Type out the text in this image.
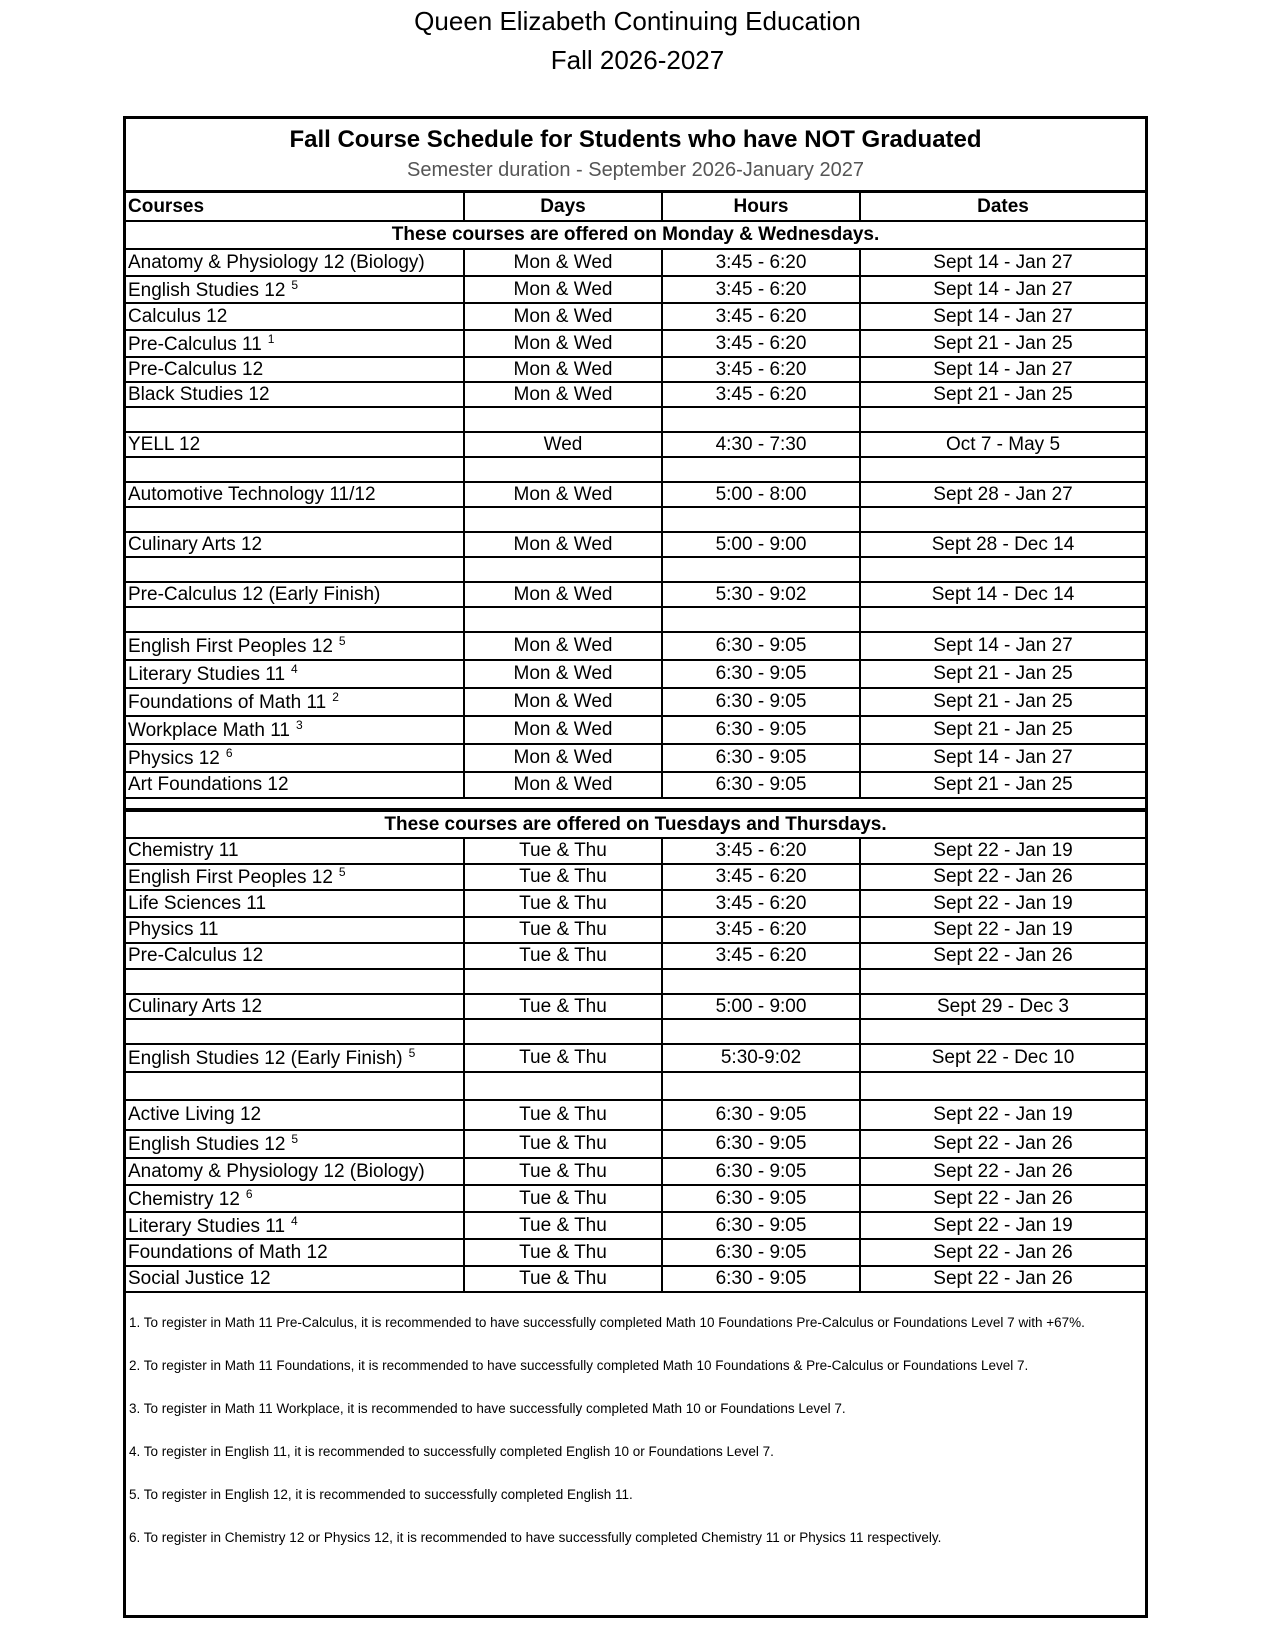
Queen Elizabeth Continuing Education
Fall 2026-2027
Fall Course Schedule for Students who have NOT Graduated
Semester duration - September 2026-January 2027
Courses	Days	Hours	Dates
These courses are offered on Monday & Wednesdays.			
Anatomy & Physiology 12 (Biology)	Mon & Wed	3:45 - 6:20	Sept 14 - Jan 27
English Studies 12 $^5$	Mon & Wed	3:45 - 6:20	Sept 14 - Jan 27
Calculus 12	Mon & Wed	3:45 - 6:20	Sept 14 - Jan 27
Pre-Calculus 11 $^1$	Mon & Wed	3:45 - 6:20	Sept 21 - Jan 25
Pre-Calculus 12	Mon & Wed	3:45 - 6:20	Sept 14 - Jan 27
Black Studies 12	Mon & Wed	3:45 - 6:20	Sept 21 - Jan 25

YELL 12	Wed	4:30 - 7:30	Oct 7 - May 5

Automotive Technology 11/12	Mon & Wed	5:00 - 8:00	Sept 28 - Jan 27

Culinary Arts 12	Mon & Wed	5:00 - 9:00	Sept 28 - Dec 14

Pre-Calculus 12 (Early Finish)	Mon & Wed	5:30 - 9:02	Sept 14 - Dec 14

English First Peoples 12 $^5$	Mon & Wed	6:30 - 9:05	Sept 14 - Jan 27
Literary Studies 11 $^4$	Mon & Wed	6:30 - 9:05	Sept 21 - Jan 25
Foundations of Math 11 $^2$	Mon & Wed	6:30 - 9:05	Sept 21 - Jan 25
Workplace Math 11 $^3$	Mon & Wed	6:30 - 9:05	Sept 21 - Jan 25
Physics 12 $^6$	Mon & Wed	6:30 - 9:05	Sept 14 - Jan 27
Art Foundations 12	Mon & Wed	6:30 - 9:05	Sept 21 - Jan 25

These courses are offered on Tuesdays and Thursdays.			
Chemistry 11	Tue & Thu	3:45 - 6:20	Sept 22 - Jan 19
English First Peoples 12 $^5$	Tue & Thu	3:45 - 6:20	Sept 22 - Jan 26
Life Sciences 11	Tue & Thu	3:45 - 6:20	Sept 22 - Jan 19
Physics 11	Tue & Thu	3:45 - 6:20	Sept 22 - Jan 19
Pre-Calculus 12	Tue & Thu	3:45 - 6:20	Sept 22 - Jan 26

Culinary Arts 12	Tue & Thu	5:00 - 9:00	Sept 29 - Dec 3

English Studies 12 (Early Finish) $^5$	Tue & Thu	5:30-9:02	Sept 22 - Dec 10

Active Living 12	Tue & Thu	6:30 - 9:05	Sept 22 - Jan 19
English Studies 12 $^5$	Tue & Thu	6:30 - 9:05	Sept 22 - Jan 26
Anatomy & Physiology 12 (Biology)	Tue & Thu	6:30 - 9:05	Sept 22 - Jan 26
Chemistry 12 $^6$	Tue & Thu	6:30 - 9:05	Sept 22 - Jan 26
Literary Studies 11 $^4$	Tue & Thu	6:30 - 9:05	Sept 22 - Jan 19
Foundations of Math 12	Tue & Thu	6:30 - 9:05	Sept 22 - Jan 26
Social Justice 12	Tue & Thu	6:30 - 9:05	Sept 22 - Jan 26
1. To register in Math 11 Pre-Calculus, it is recommended to have successfully completed Math 10 Foundations Pre-Calculus or Foundations Level 7 with +67%.
2. To register in Math 11 Foundations, it is recommended to have successfully completed Math 10 Foundations & Pre-Calculus or Foundations Level 7.
3. To register in Math 11 Workplace, it is recommended to have successfully completed Math 10 or Foundations Level 7.
4. To register in English 11, it is recommended to successfully completed English 10 or Foundations Level 7.
5. To register in English 12, it is recommended to successfully completed English 11.
6. To register in Chemistry 12 or Physics 12, it is recommended to have successfully completed Chemistry 11 or Physics 11 respectively.
